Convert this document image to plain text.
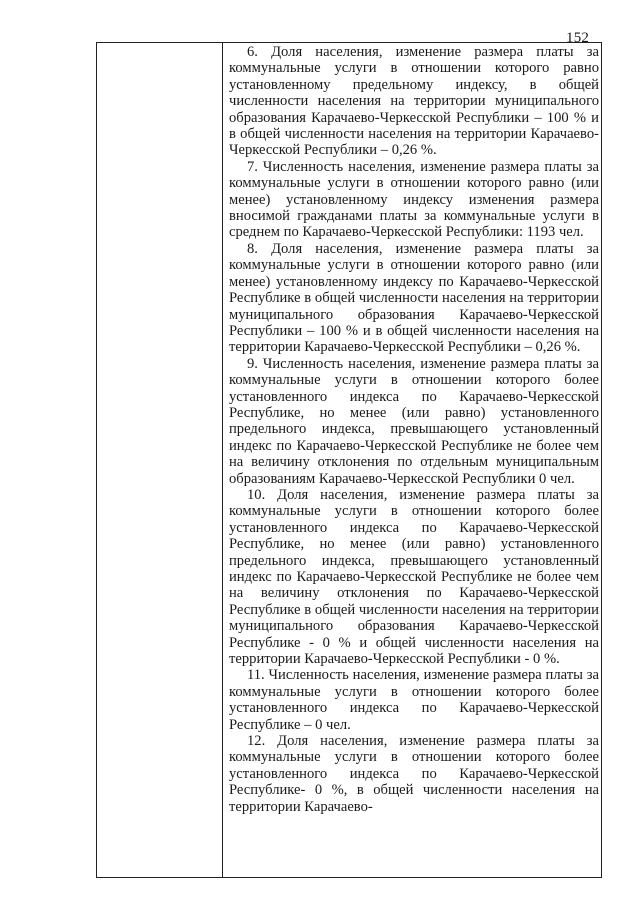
152

6. Доля населения, изменение размера платы за коммунальные услуги в отношении которого равно установленному предельному индексу, в общей численности населения на территории муниципального образования Карачаево-Черкесской Республики – 100 % и в общей численности населения на территории Карачаево-Черкесской Республики – 0,26 %.

7. Численность населения, изменение размера платы за коммунальные услуги в отношении которого равно (или менее) установленному индексу изменения размера вносимой гражданами платы за коммунальные услуги в среднем по Карачаево-Черкесской Республики: 1193 чел.

8. Доля населения, изменение размера платы за коммунальные услуги в отношении которого равно (или менее) установленному индексу по Карачаево-Черкесской Республике в общей численности населения на территории муниципального образования Карачаево-Черкесской Республики – 100 % и в общей численности населения на территории Карачаево-Черкесской Республики – 0,26 %.

9. Численность населения, изменение размера платы за коммунальные услуги в отношении которого более установленного индекса по Карачаево-Черкесской Республике, но менее (или равно) установленного предельного индекса, превышающего установленный индекс по Карачаево-Черкесской Республике не более чем на величину отклонения по отдельным муниципальным образованиям Карачаево-Черкесской Республики 0 чел.

10. Доля населения, изменение размера платы за коммунальные услуги в отношении которого более установленного индекса по Карачаево-Черкесской Республике, но менее (или равно) установленного предельного индекса, превышающего установленный индекс по Карачаево-Черкесской Республике не более чем на величину отклонения по Карачаево-Черкесской Республике в общей численности населения на территории муниципального образования Карачаево-Черкесской Республике - 0 % и общей численности населения на территории Карачаево-Черкесской Республики - 0 %.

11. Численность населения, изменение размера платы за коммунальные услуги в отношении которого более установленного индекса по Карачаево-Черкесской Республике – 0 чел.

12. Доля населения, изменение размера платы за коммунальные услуги в отношении которого более установленного индекса по Карачаево-Черкесской Республике- 0 %, в общей численности населения на территории Карачаево-
